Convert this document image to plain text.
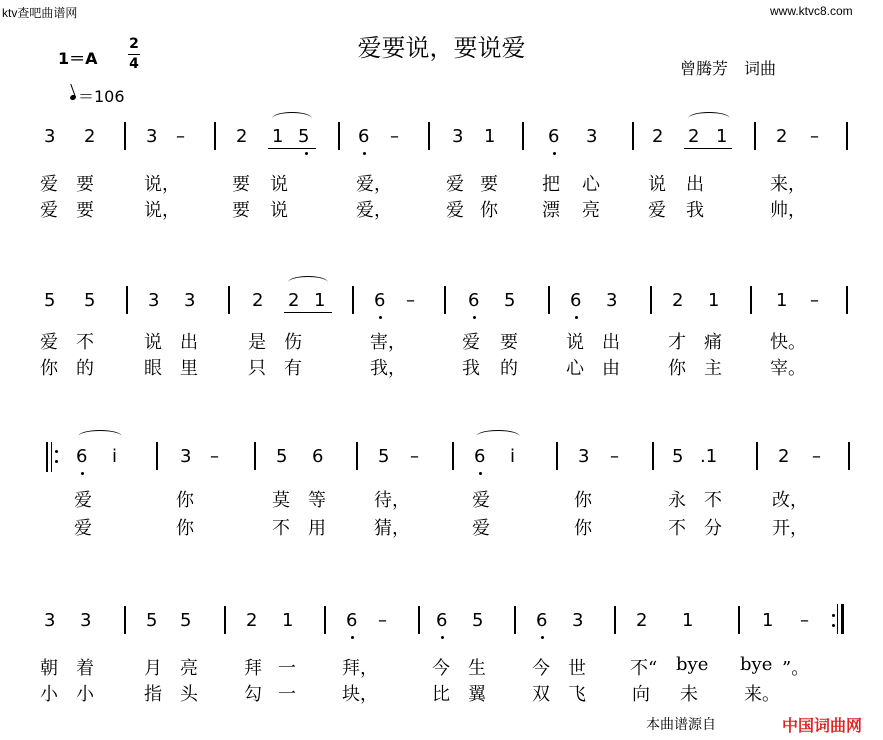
ktv查吧曲谱网	www.ktvc8.com
爱要说，要说爱
曾腾芳　词曲
1＝A
2
4
＝106
3 2	3 –	2 1 5	6 –	3 1	6 3	2 2 1	2 –
爱 要	说，	要 说	爱，	爱 要 把 心	说 出	来，
爱 要	说，	要 说	爱，	爱 你 漂 亮	爱 我	帅，
5 5	3 3	2 2 1	6 –	6 5	6 3	2 1	1 –
爱 不	说 出	是 伤	害，	爱 要	说 出	才 痛	快。
你 的	眼 里	只 有	我，	我 的	心 由	你 主	宰。
6 i	3 –	5 6	5 –	6 i	3 –	5 .1	2 –
爱	你	莫 等	待，	爱	你	永 不	改，
爱	你	不 用	猜，	爱	你	不 分	开，
3 3	5 5	2 1	6 –	6 5	6 3	2 1	1 –
朝 着	月 亮	拜 一	拜，	今 生	今 世 不“ bye bye ”。
小 小	指 头	勾 一	块，	比 翼	双 飞	向 未	来。
本曲谱源自	中国词曲网
